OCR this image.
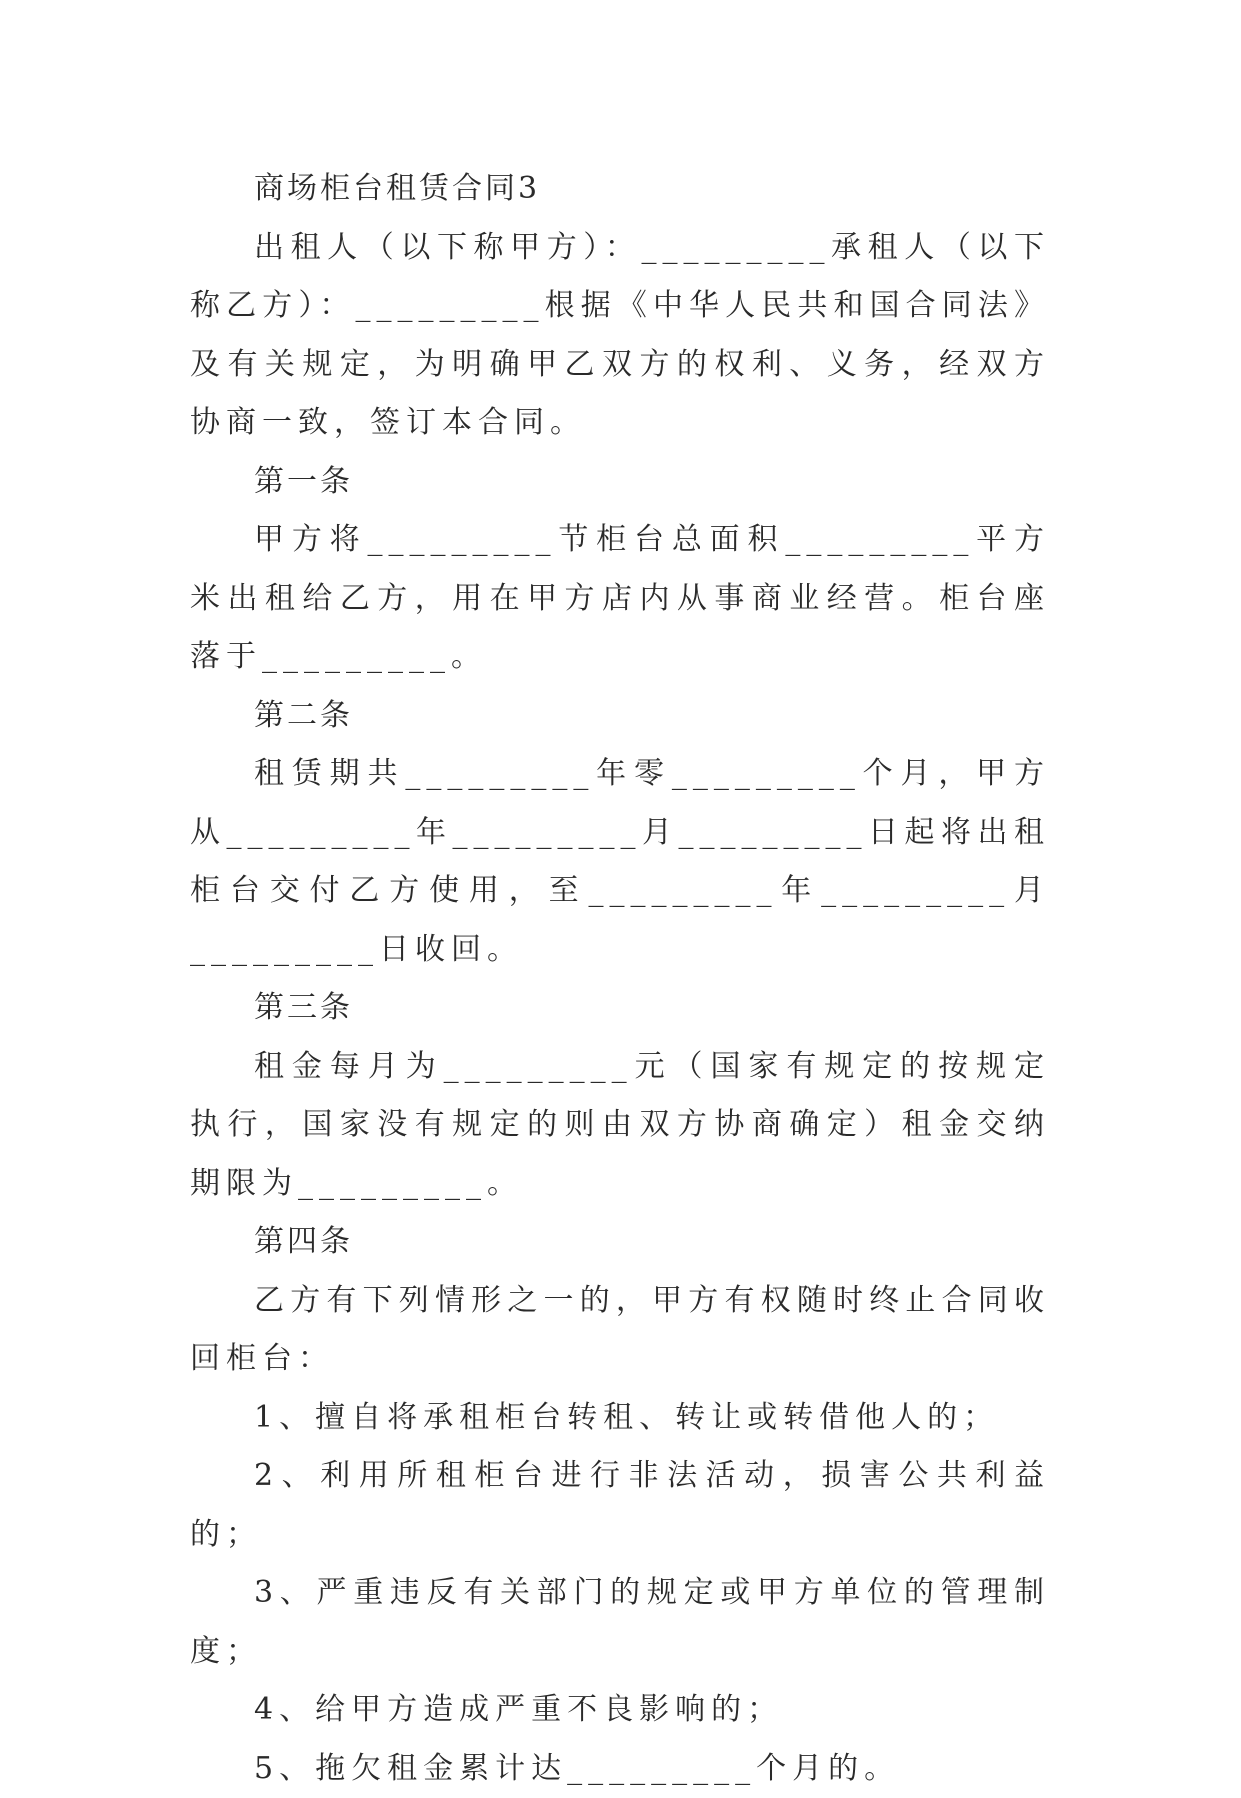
商场柜台租赁合同3

出租人（以下称甲方）：_________承租人（以下称乙方）：_________根据《中华人民共和国合同法》及有关规定，为明确甲乙双方的权利、义务，经双方协商一致，签订本合同。

第一条

甲方将_________节柜台总面积_________平方米出租给乙方，用在甲方店内从事商业经营。柜台座落于_________。

第二条

租赁期共_________年零_________个月，甲方从_________年_________月_________日起将出租柜台交付乙方使用，至_________年_________月_________日收回。

第三条

租金每月为_________元（国家有规定的按规定执行，国家没有规定的则由双方协商确定）租金交纳期限为_________。

第四条

乙方有下列情形之一的，甲方有权随时终止合同收回柜台：

1、擅自将承租柜台转租、转让或转借他人的；

2、利用所租柜台进行非法活动，损害公共利益的；

3、严重违反有关部门的规定或甲方单位的管理制度；

4、给甲方造成严重不良影响的；

5、拖欠租金累计达_________个月的。
